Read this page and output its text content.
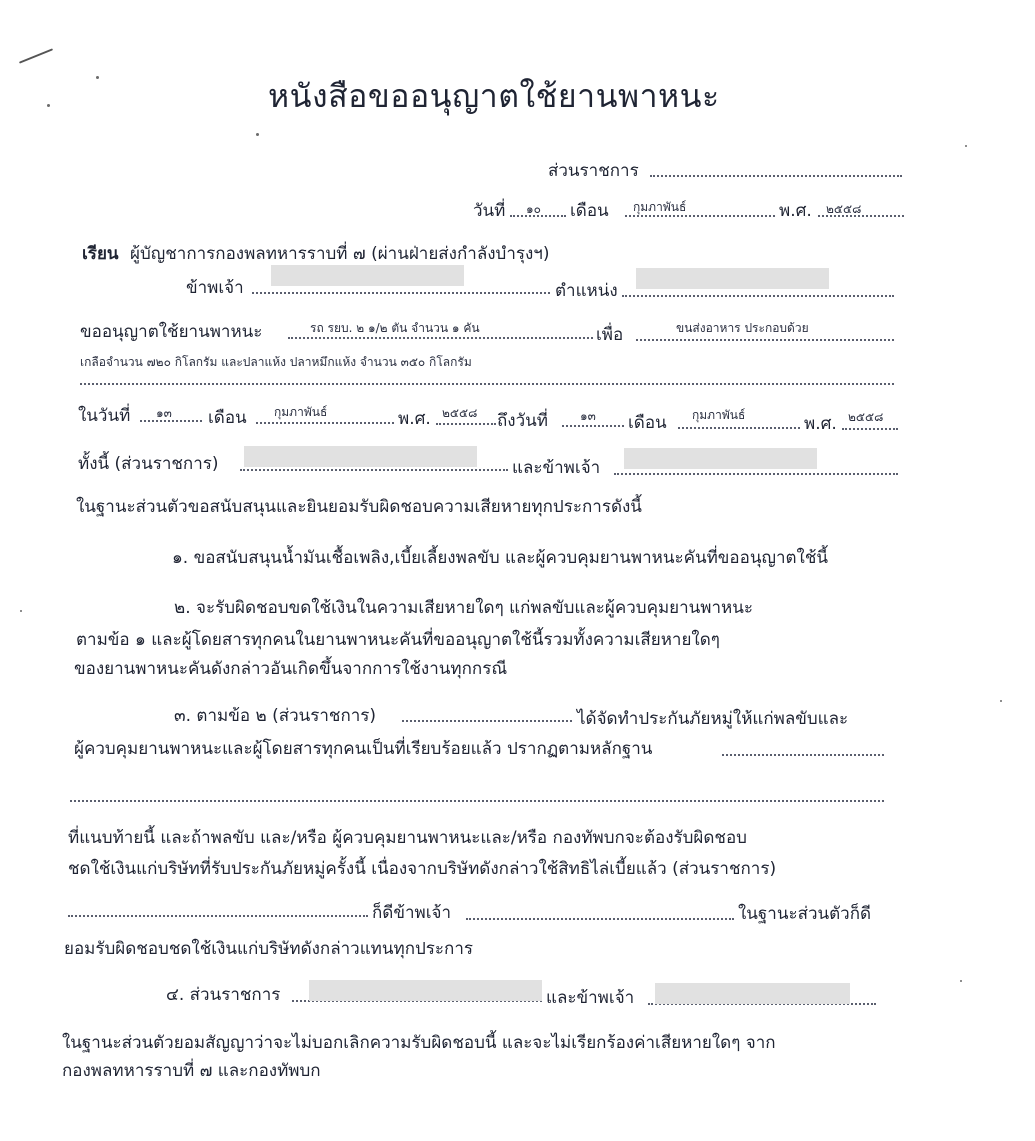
หนังสือขออนุญาตใช้ยานพาหนะ
ส่วนราชการ
วันที่ ๑๐ เดือน กุมภาพันธ์	พ.ศ. ๒๕๕๘
เรียน ผู้บัญชาการกองพลทหารราบที่ ๗ (ผ่านฝ่ายส่งกำลังบำรุงฯ)
ข้าพเจ้า	ตำแหน่ง
ขออนุญาตใช้ยานพาหนะ	รถ รยบ. ๒ ๑/๒ ตัน จำนวน ๑ คัน	เพื่อ	ขนส่งอาหาร ประกอบด้วย
เกลือจำนวน ๗๒๐ กิโลกรัม และปลาแห้ง ปลาหมึกแห้ง จำนวน ๓๕๐ กิโลกรัม
ในวันที่ ๑๓ เดือน กุมภาพันธ์	พ.ศ. ๒๕๕๘ ถึงวันที่	๑๓ เดือน กุมภาพันธ์	พ.ศ. ๒๕๕๘
ทั้งนี้ (ส่วนราชการ)	และข้าพเจ้า
ในฐานะส่วนตัวขอสนับสนุนและยินยอมรับผิดชอบความเสียหายทุกประการดังนี้
๑. ขอสนับสนุนน้ำมันเชื้อเพลิง,เบี้ยเลี้ยงพลขับ และผู้ควบคุมยานพาหนะคันที่ขออนุญาตใช้นี้
๒. จะรับผิดชอบขดใช้เงินในความเสียหายใดๆ แก่พลขับและผู้ควบคุมยานพาหนะ
ตามข้อ ๑ และผู้โดยสารทุกคนในยานพาหนะคันที่ขออนุญาตใช้นี้รวมทั้งความเสียหายใดๆ
ของยานพาหนะคันดังกล่าวอันเกิดขึ้นจากการใช้งานทุกกรณี
๓. ตามข้อ ๒ (ส่วนราชการ)	ได้จัดทำประกันภัยหมู่ให้แก่พลขับและ
ผู้ควบคุมยานพาหนะและผู้โดยสารทุกคนเป็นที่เรียบร้อยแล้ว ปรากฏตามหลักฐาน
ที่แนบท้ายนี้ และถ้าพลขับ และ/หรือ ผู้ควบคุมยานพาหนะและ/หรือ กองทัพบกจะต้องรับผิดชอบ
ชดใช้เงินแก่บริษัทที่รับประกันภัยหมู่ครั้งนี้ เนื่องจากบริษัทดังกล่าวใช้สิทธิไล่เบี้ยแล้ว (ส่วนราชการ)
ก็ดีข้าพเจ้า	ในฐานะส่วนตัวก็ดี
ยอมรับผิดชอบชดใช้เงินแก่บริษัทดังกล่าวแทนทุกประการ
๔. ส่วนราชการ	และข้าพเจ้า
ในฐานะส่วนตัวยอมสัญญาว่าจะไม่บอกเลิกความรับผิดชอบนี้ และจะไม่เรียกร้องค่าเสียหายใดๆ จาก
กองพลทหารราบที่ ๗ และกองทัพบก
